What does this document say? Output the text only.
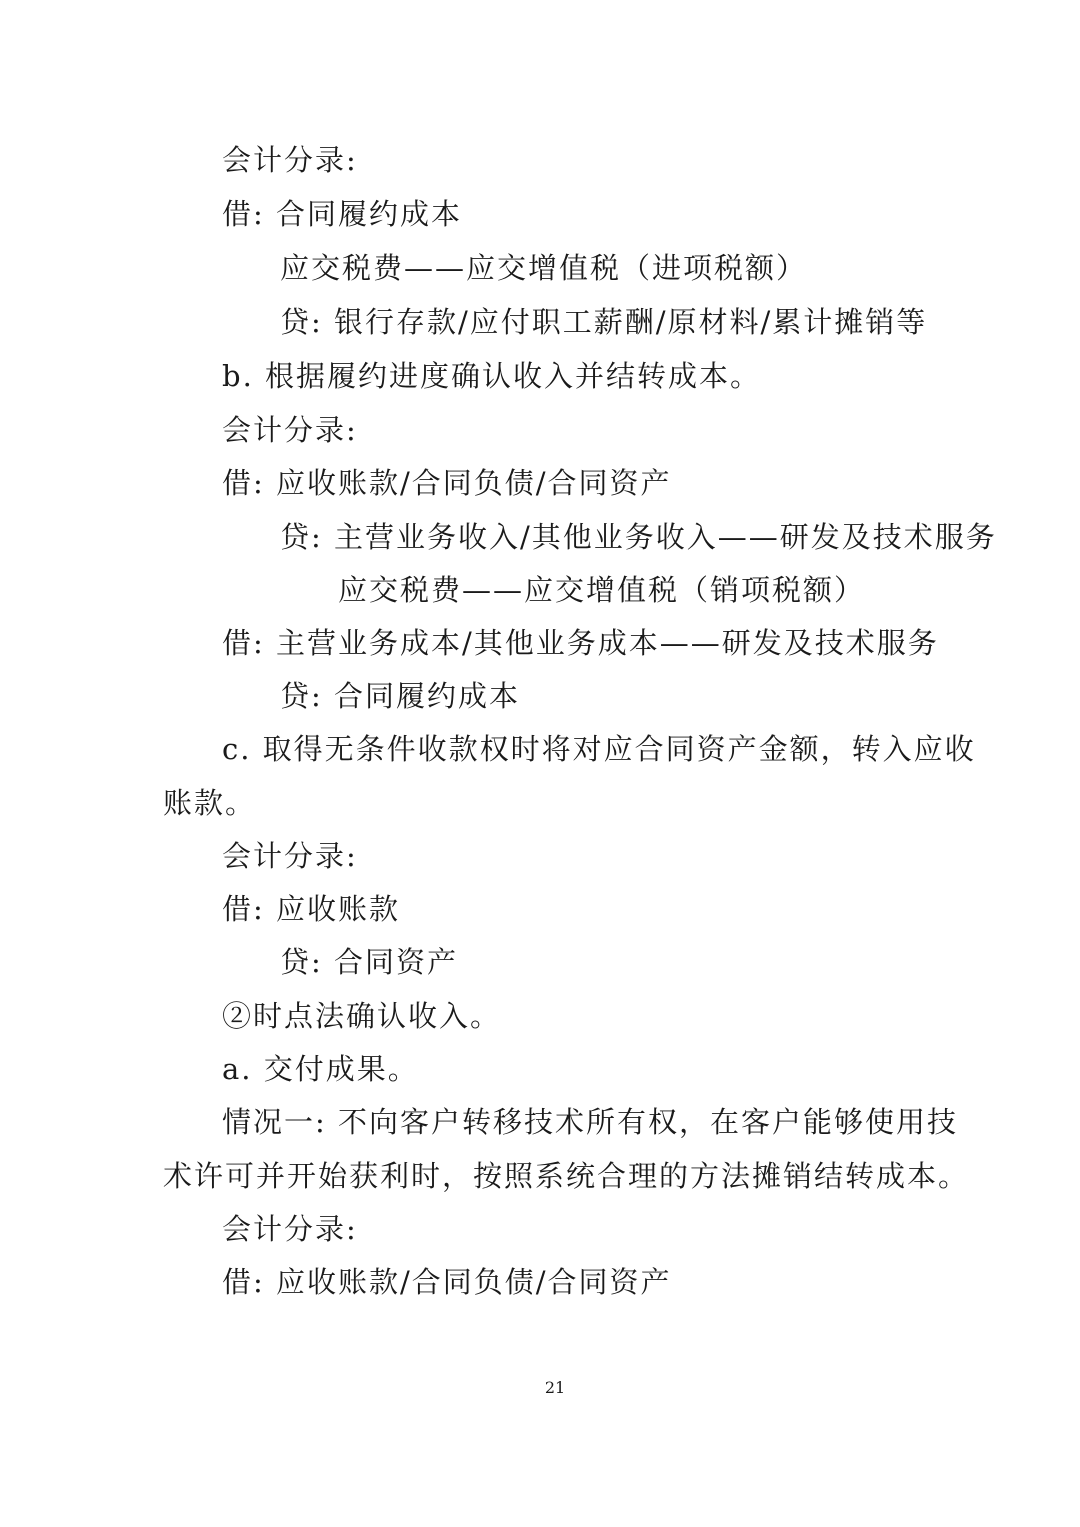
会计分录:
借: 合同履约成本
应交税费——应交增值税（进项税额）
贷: 银行存款/应付职工薪酬/原材料/累计摊销等
b. 根据履约进度确认收入并结转成本。
会计分录:
借: 应收账款/合同负债/合同资产
贷: 主营业务收入/其他业务收入——研发及技术服务
应交税费——应交增值税（销项税额）
借: 主营业务成本/其他业务成本——研发及技术服务
贷: 合同履约成本
c. 取得无条件收款权时将对应合同资产金额，转入应收
账款。
会计分录:
借: 应收账款
贷: 合同资产
②时点法确认收入。
a. 交付成果。
情况一: 不向客户转移技术所有权，在客户能够使用技
术许可并开始获利时，按照系统合理的方法摊销结转成本。
会计分录:
借: 应收账款/合同负债/合同资产
21
